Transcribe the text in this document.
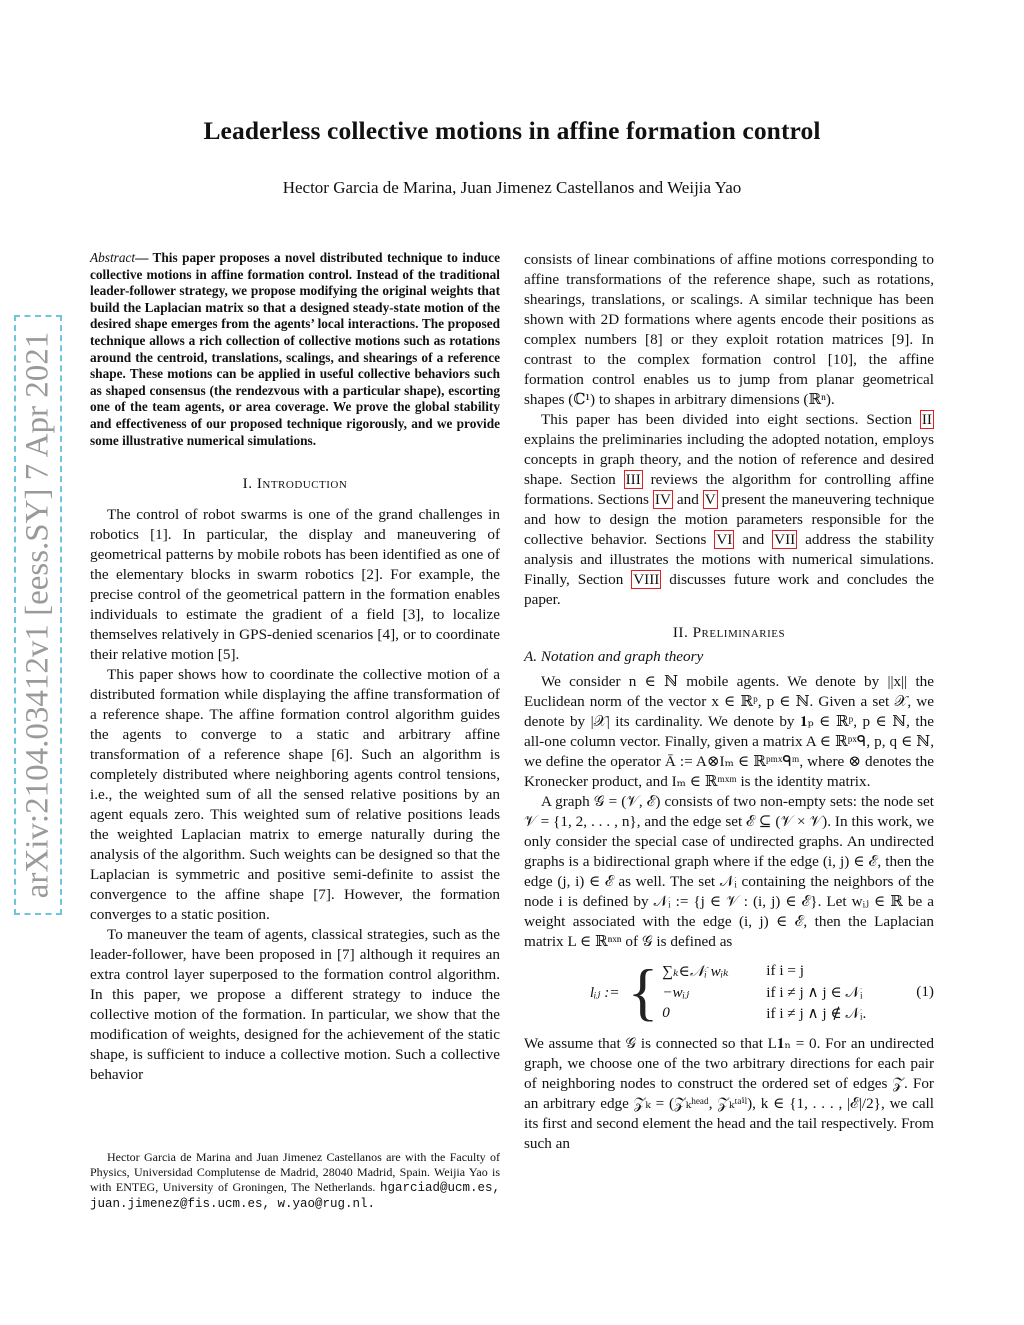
Leaderless collective motions in affine formation control
Hector Garcia de Marina, Juan Jimenez Castellanos and Weijia Yao
arXiv:2104.03412v1 [eess.SY] 7 Apr 2021

Abstract— This paper proposes a novel distributed technique to induce collective motions in affine formation control. Instead of the traditional leader-follower strategy, we propose modifying the original weights that build the Laplacian matrix so that a designed steady-state motion of the desired shape emerges from the agents’ local interactions. The proposed technique allows a rich collection of collective motions such as rotations around the centroid, translations, scalings, and shearings of a reference shape. These motions can be applied in useful collective behaviors such as shaped consensus (the rendezvous with a particular shape), escorting one of the team agents, or area coverage. We prove the global stability and effectiveness of our proposed technique rigorously, and we provide some illustrative numerical simulations.

I. Introduction

The control of robot swarms is one of the grand challenges in robotics [1]. In particular, the display and maneuvering of geometrical patterns by mobile robots has been identified as one of the elementary blocks in swarm robotics [2]. For example, the precise control of the geometrical pattern in the formation enables individuals to estimate the gradient of a field [3], to localize themselves relatively in GPS-denied scenarios [4], or to coordinate their relative motion [5].

This paper shows how to coordinate the collective motion of a distributed formation while displaying the affine transformation of a reference shape. The affine formation control algorithm guides the agents to converge to a static and arbitrary affine transformation of a reference shape [6]. Such an algorithm is completely distributed where neighboring agents control tensions, i.e., the weighted sum of all the sensed relative positions by an agent equals zero. This weighted sum of relative positions leads the weighted Laplacian matrix to emerge naturally during the analysis of the algorithm. Such weights can be designed so that the Laplacian is symmetric and positive semi-definite to assist the convergence to the affine shape [7]. However, the formation converges to a static position.

To maneuver the team of agents, classical strategies, such as the leader-follower, have been proposed in [7] although it requires an extra control layer superposed to the formation control algorithm. In this paper, we propose a different strategy to induce the collective motion of the formation. In particular, we show that the modification of weights, designed for the achievement of the static shape, is sufficient to induce a collective motion. Such a collective behavior

Hector Garcia de Marina and Juan Jimenez Castellanos are with the Faculty of Physics, Universidad Complutense de Madrid, 28040 Madrid, Spain. Weijia Yao is with ENTEG, University of Groningen, The Netherlands. hgarciad@ucm.es, juan.jimenez@fis.ucm.es, w.yao@rug.nl.

consists of linear combinations of affine motions corresponding to affine transformations of the reference shape, such as rotations, shearings, translations, or scalings. A similar technique has been shown with 2D formations where agents encode their positions as complex numbers [8] or they exploit rotation matrices [9]. In contrast to the complex formation control [10], the affine formation control enables us to jump from planar geometrical shapes (ℂ¹) to shapes in arbitrary dimensions (ℝⁿ).

This paper has been divided into eight sections. Section II explains the preliminaries including the adopted notation, employs concepts in graph theory, and the notion of reference and desired shape. Section III reviews the algorithm for controlling affine formations. Sections IV and V present the maneuvering technique and how to design the motion parameters responsible for the collective behavior. Sections VI and VII address the stability analysis and illustrates the motions with numerical simulations. Finally, Section VIII discusses future work and concludes the paper.

II. Preliminaries
A. Notation and graph theory

We consider n ∈ ℕ mobile agents. We denote by ||x|| the Euclidean norm of the vector x ∈ ℝᵖ, p ∈ ℕ. Given a set 𝒳, we denote by |𝒳| its cardinality. We denote by 𝟏ₚ ∈ ℝᵖ, p ∈ ℕ, the all-one column vector. Finally, given a matrix A ∈ ℝᵖˣᑫ, p, q ∈ ℕ, we define the operator Ā := A⊗Iₘ ∈ ℝᵖᵐˣᑫᵐ, where ⊗ denotes the Kronecker product, and Iₘ ∈ ℝᵐˣᵐ is the identity matrix.

A graph 𝒢 = (𝒱, ℰ) consists of two non-empty sets: the node set 𝒱 = {1, 2, . . . , n}, and the edge set ℰ ⊆ (𝒱 × 𝒱). In this work, we only consider the special case of undirected graphs. An undirected graphs is a bidirectional graph where if the edge (i, j) ∈ ℰ, then the edge (j, i) ∈ ℰ as well. The set 𝒩ᵢ containing the neighbors of the node i is defined by 𝒩ᵢ := {j ∈ 𝒱 : (i, j) ∈ ℰ}. Let wᵢⱼ ∈ ℝ be a weight associated with the edge (i, j) ∈ ℰ, then the Laplacian matrix L ∈ ℝⁿˣⁿ of 𝒢 is defined as

lᵢⱼ := { ∑ₖ∈𝒩ᵢ wᵢₖ	if i = j
−wᵢⱼ	if i ≠ j ∧ j ∈ 𝒩ᵢ
0	if i ≠ j ∧ j ∉ 𝒩ᵢ.
(1)

We assume that 𝒢 is connected so that L𝟏ₙ = 0. For an undirected graph, we choose one of the two arbitrary directions for each pair of neighboring nodes to construct the ordered set of edges 𝒵. For an arbitrary edge 𝒵ₖ = (𝒵ₖʰᵉᵃᵈ, 𝒵ₖᵗᵃⁱˡ), k ∈ {1, . . . , |ℰ|/2}, we call its first and second element the head and the tail respectively. From such an
